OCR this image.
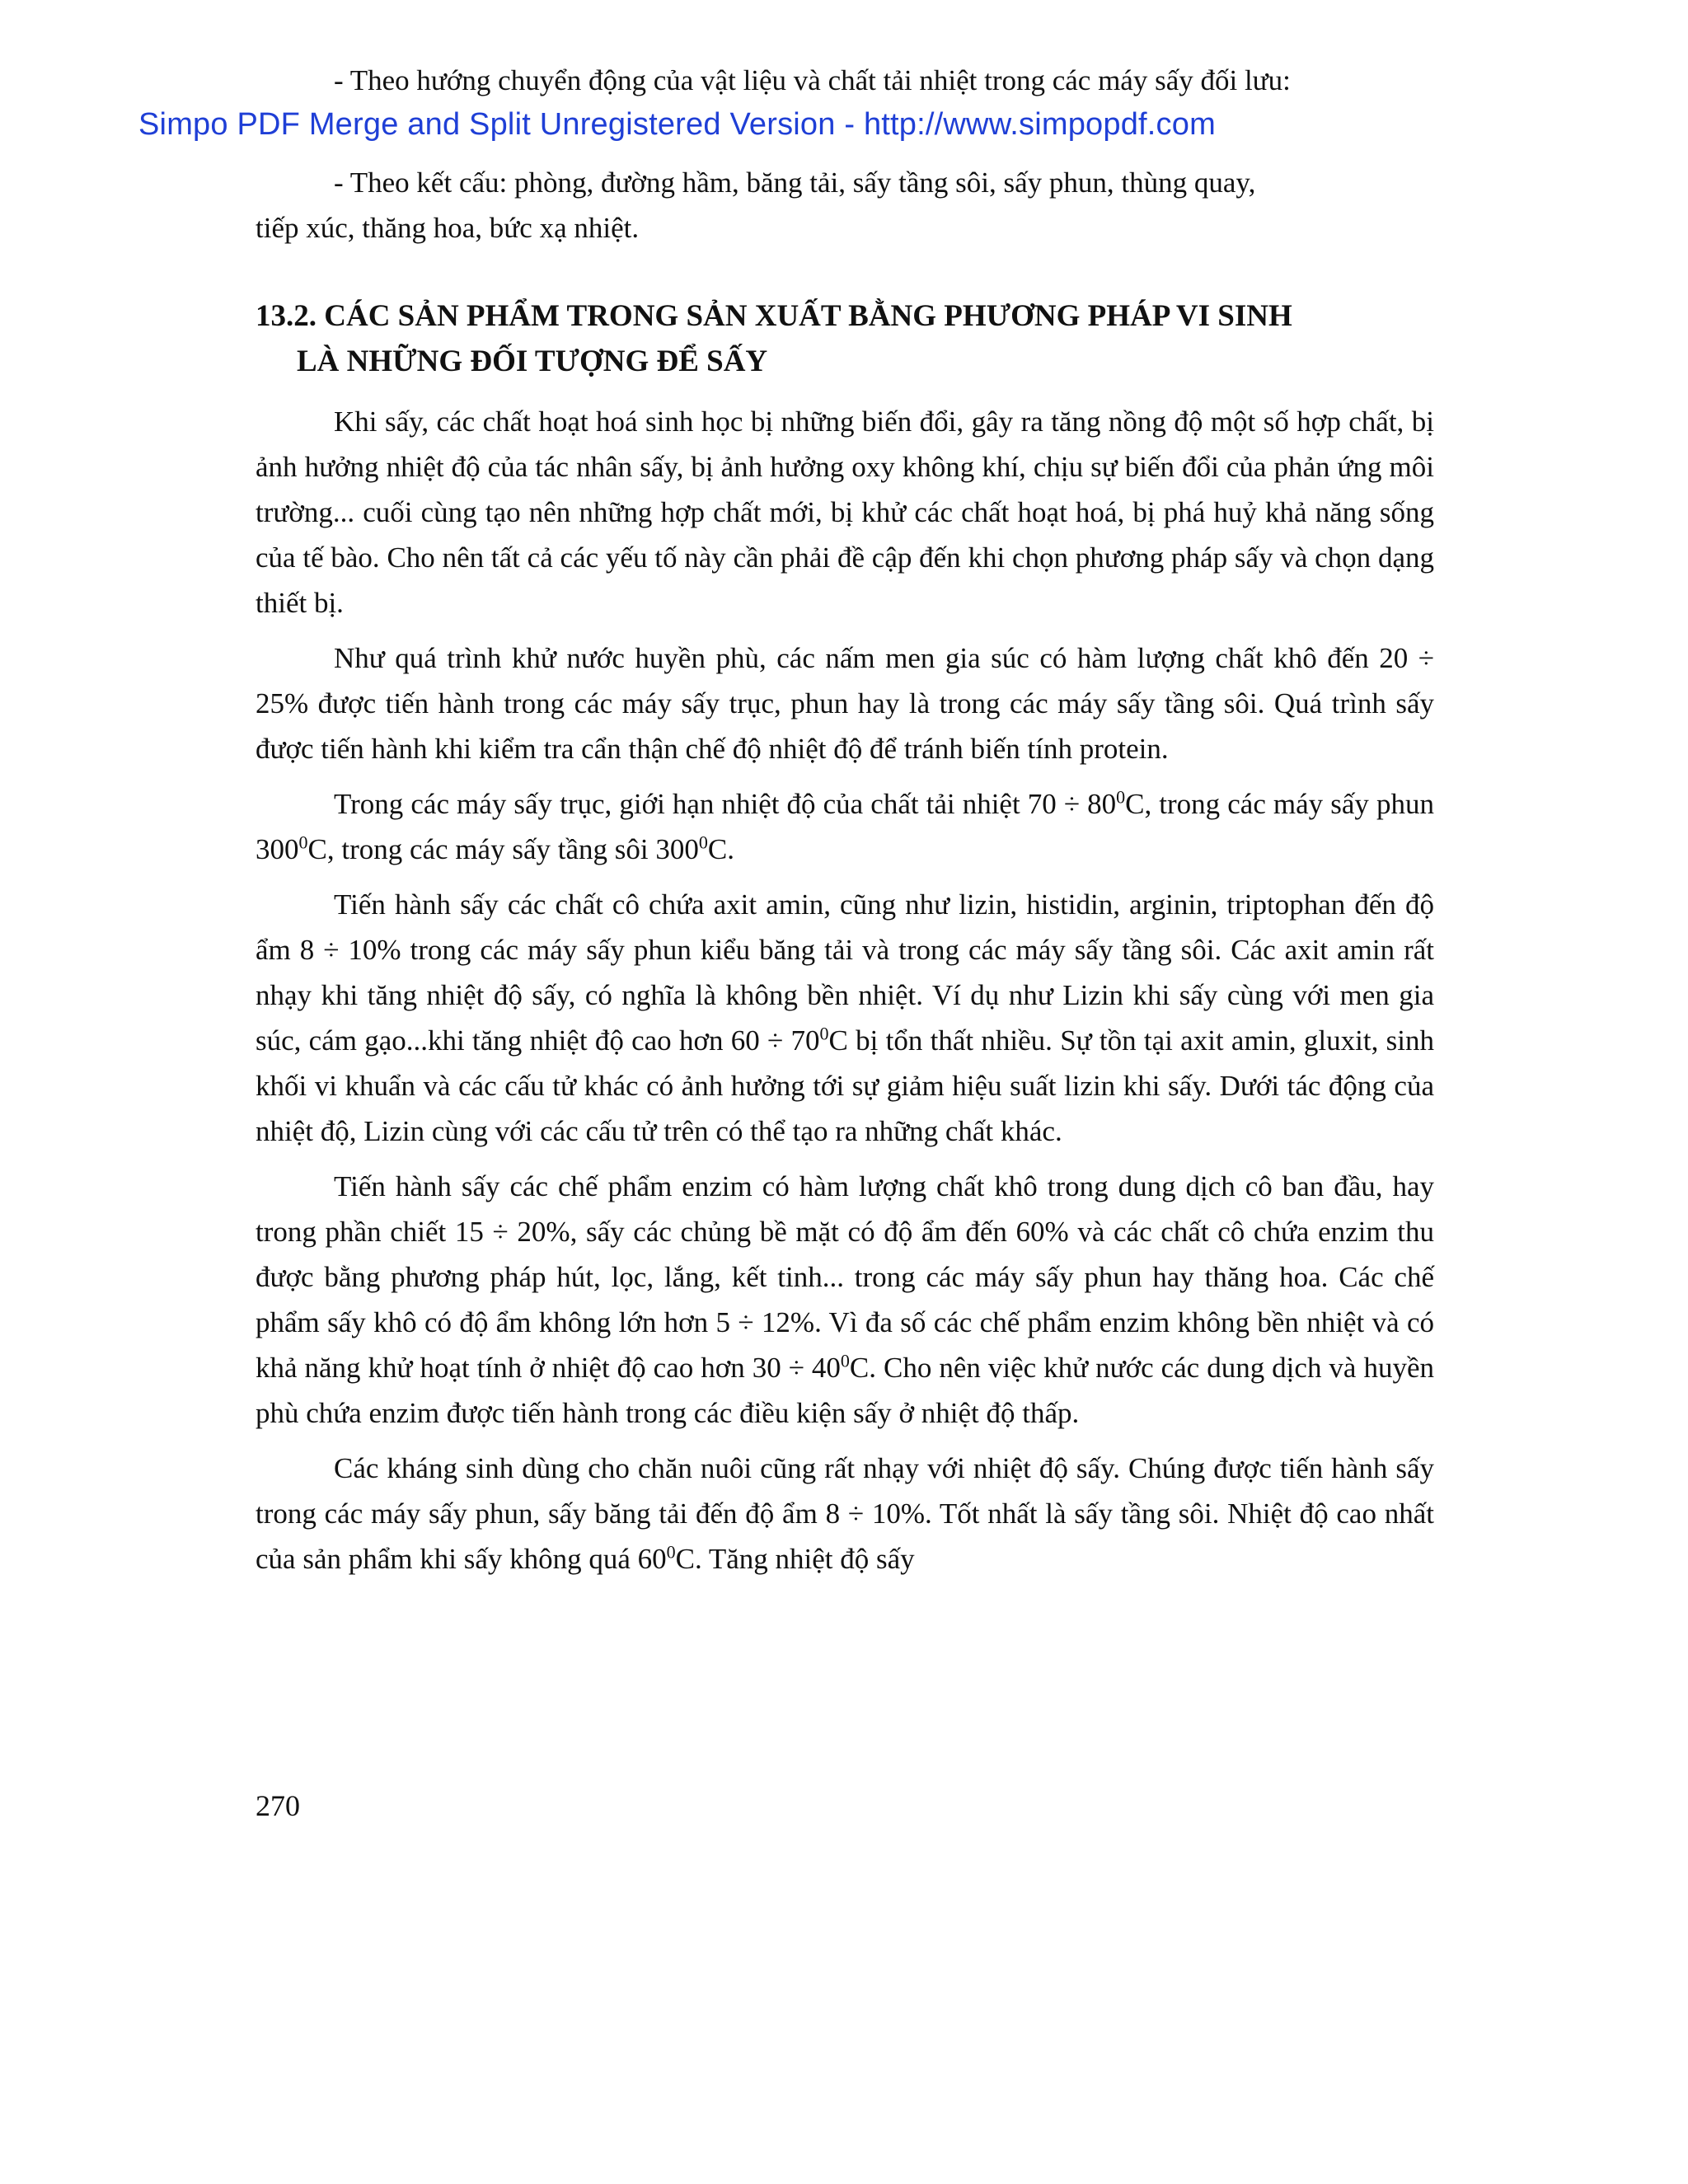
Simpo PDF Merge and Split Unregistered Version - http://www.simpopdf.com

- Theo hướng chuyển động của vật liệu và chất tải nhiệt trong các máy sấy đối lưu:

- Theo kết cấu: phòng, đường hầm, băng tải, sấy tầng sôi, sấy phun, thùng quay,
tiếp xúc, thăng hoa, bức xạ nhiệt.

13.2. CÁC SẢN PHẨM TRONG SẢN XUẤT BẰNG PHƯƠNG PHÁP VI SINH
LÀ NHỮNG ĐỐI TƯỢNG ĐỂ SẤY

Khi sấy, các chất hoạt hoá sinh học bị những biến đổi, gây ra tăng nồng độ một số hợp chất, bị ảnh hưởng nhiệt độ của tác nhân sấy, bị ảnh hưởng oxy không khí, chịu sự biến đổi của phản ứng môi trường... cuối cùng tạo nên những hợp chất mới, bị khử các chất hoạt hoá, bị phá huỷ khả năng sống của tế bào. Cho nên tất cả các yếu tố này cần phải đề cập đến khi chọn phương pháp sấy và chọn dạng thiết bị.

Như quá trình khử nước huyền phù, các nấm men gia súc có hàm lượng chất khô đến 20 ÷ 25% được tiến hành trong các máy sấy trục, phun hay là trong các máy sấy tầng sôi. Quá trình sấy được tiến hành khi kiểm tra cẩn thận chế độ nhiệt độ để tránh biến tính protein.

Trong các máy sấy trục, giới hạn nhiệt độ của chất tải nhiệt $70 \div 80^0C$, trong các máy sấy phun $300^0C$, trong các máy sấy tầng sôi $300^0C$.

Tiến hành sấy các chất cô chứa axit amin, cũng như lizin, histidin, arginin, triptophan đến độ ẩm 8 ÷ 10% trong các máy sấy phun kiểu băng tải và trong các máy sấy tầng sôi. Các axit amin rất nhạy khi tăng nhiệt độ sấy, có nghĩa là không bền nhiệt. Ví dụ như Lizin khi sấy cùng với men gia súc, cám gạo...khi tăng nhiệt độ cao hơn $60 \div 70^0C$ bị tổn thất nhiều. Sự tồn tại axit amin, gluxit, sinh khối vi khuẩn và các cấu tử khác có ảnh hưởng tới sự giảm hiệu suất lizin khi sấy. Dưới tác động của nhiệt độ, Lizin cùng với các cấu tử trên có thể tạo ra những chất khác.

Tiến hành sấy các chế phẩm enzim có hàm lượng chất khô trong dung dịch cô ban đầu, hay trong phần chiết 15 ÷ 20%, sấy các chủng bề mặt có độ ẩm đến 60% và các chất cô chứa enzim thu được bằng phương pháp hút, lọc, lắng, kết tinh... trong các máy sấy phun hay thăng hoa. Các chế phẩm sấy khô có độ ẩm không lớn hơn 5 ÷ 12%. Vì đa số các chế phẩm enzim không bền nhiệt và có khả năng khử hoạt tính ở nhiệt độ cao hơn $30 \div 40^0C$. Cho nên việc khử nước các dung dịch và huyền phù chứa enzim được tiến hành trong các điều kiện sấy ở nhiệt độ thấp.

Các kháng sinh dùng cho chăn nuôi cũng rất nhạy với nhiệt độ sấy. Chúng được tiến hành sấy trong các máy sấy phun, sấy băng tải đến độ ẩm 8 ÷ 10%. Tốt nhất là sấy tầng sôi. Nhiệt độ cao nhất của sản phẩm khi sấy không quá $60^0C$. Tăng nhiệt độ sấy

270
